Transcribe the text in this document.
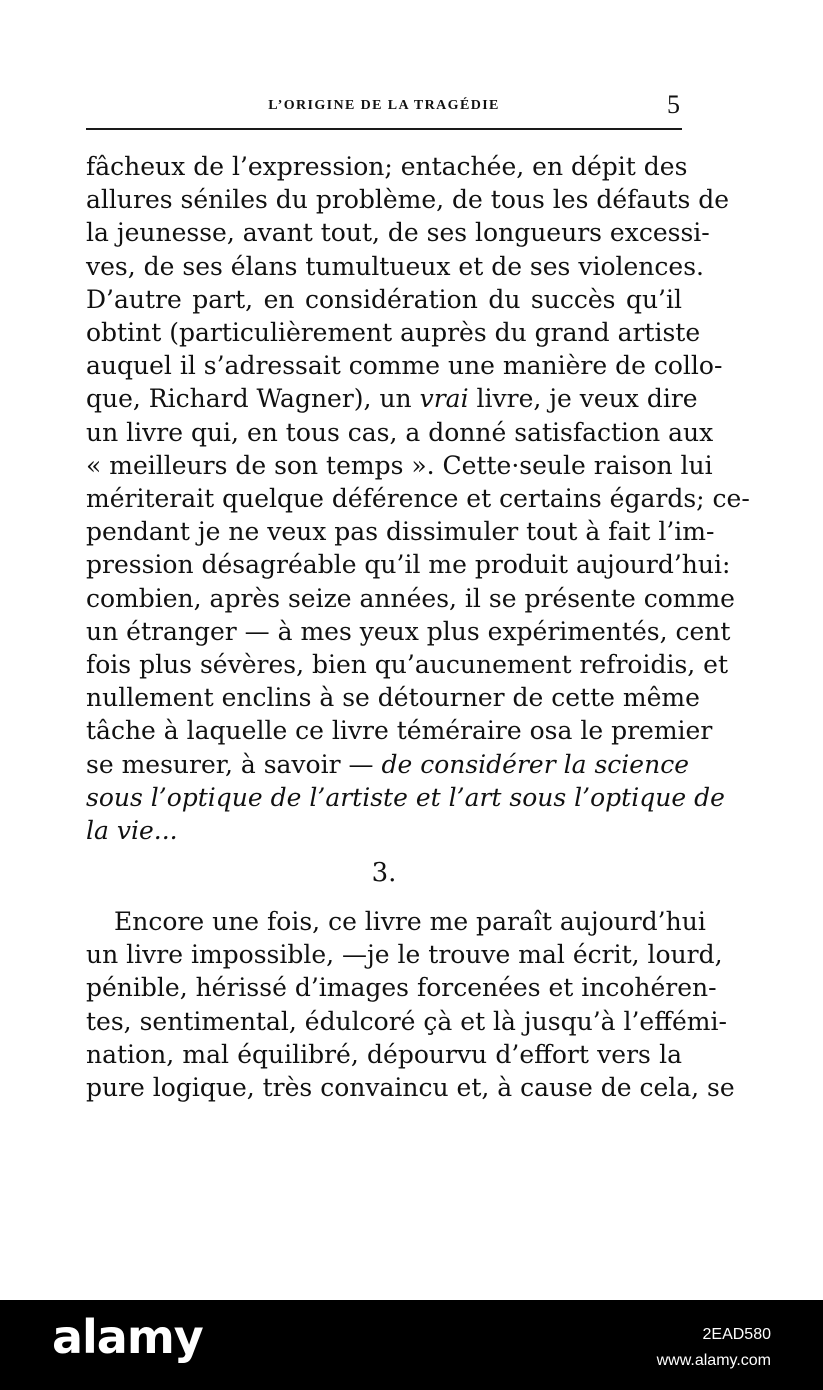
L’ORIGINE DE LA TRAGÉDIE	5
fâcheux de l’expression; entachée, en dépit des
allures séniles du problème, de tous les défauts de
la jeunesse, avant tout, de ses longueurs excessi-
ves, de ses élans tumultueux et de ses violences.
D’autre part, en considération du succès qu’il
obtint (particulièrement auprès du grand artiste
auquel il s’adressait comme une manière de collo-
que, Richard Wagner), un vrai livre, je veux dire
un livre qui, en tous cas, a donné satisfaction aux
« meilleurs de son temps ». Cette·seule raison lui
mériterait quelque déférence et certains égards; ce-
pendant je ne veux pas dissimuler tout à fait l’im-
pression désagréable qu’il me produit aujourd’hui:
combien, après seize années, il se présente comme
un étranger — à mes yeux plus expérimentés, cent
fois plus sévères, bien qu’aucunement refroidis, et
nullement enclins à se détourner de cette même
tâche à laquelle ce livre téméraire osa le premier
se mesurer, à savoir — de considérer la science
sous l’optique de l’artiste et l’art sous l’optique de
la vie...
3.
Encore une fois, ce livre me paraît aujourd’hui
un livre impossible, —je le trouve mal écrit, lourd,
pénible, hérissé d’images forcenées et incohéren-
tes, sentimental, édulcoré çà et là jusqu’à l’effémi-
nation, mal équilibré, dépourvu d’effort vers la
pure logique, très convaincu et, à cause de cela, se
alamy	2EAD580
www.alamy.com
